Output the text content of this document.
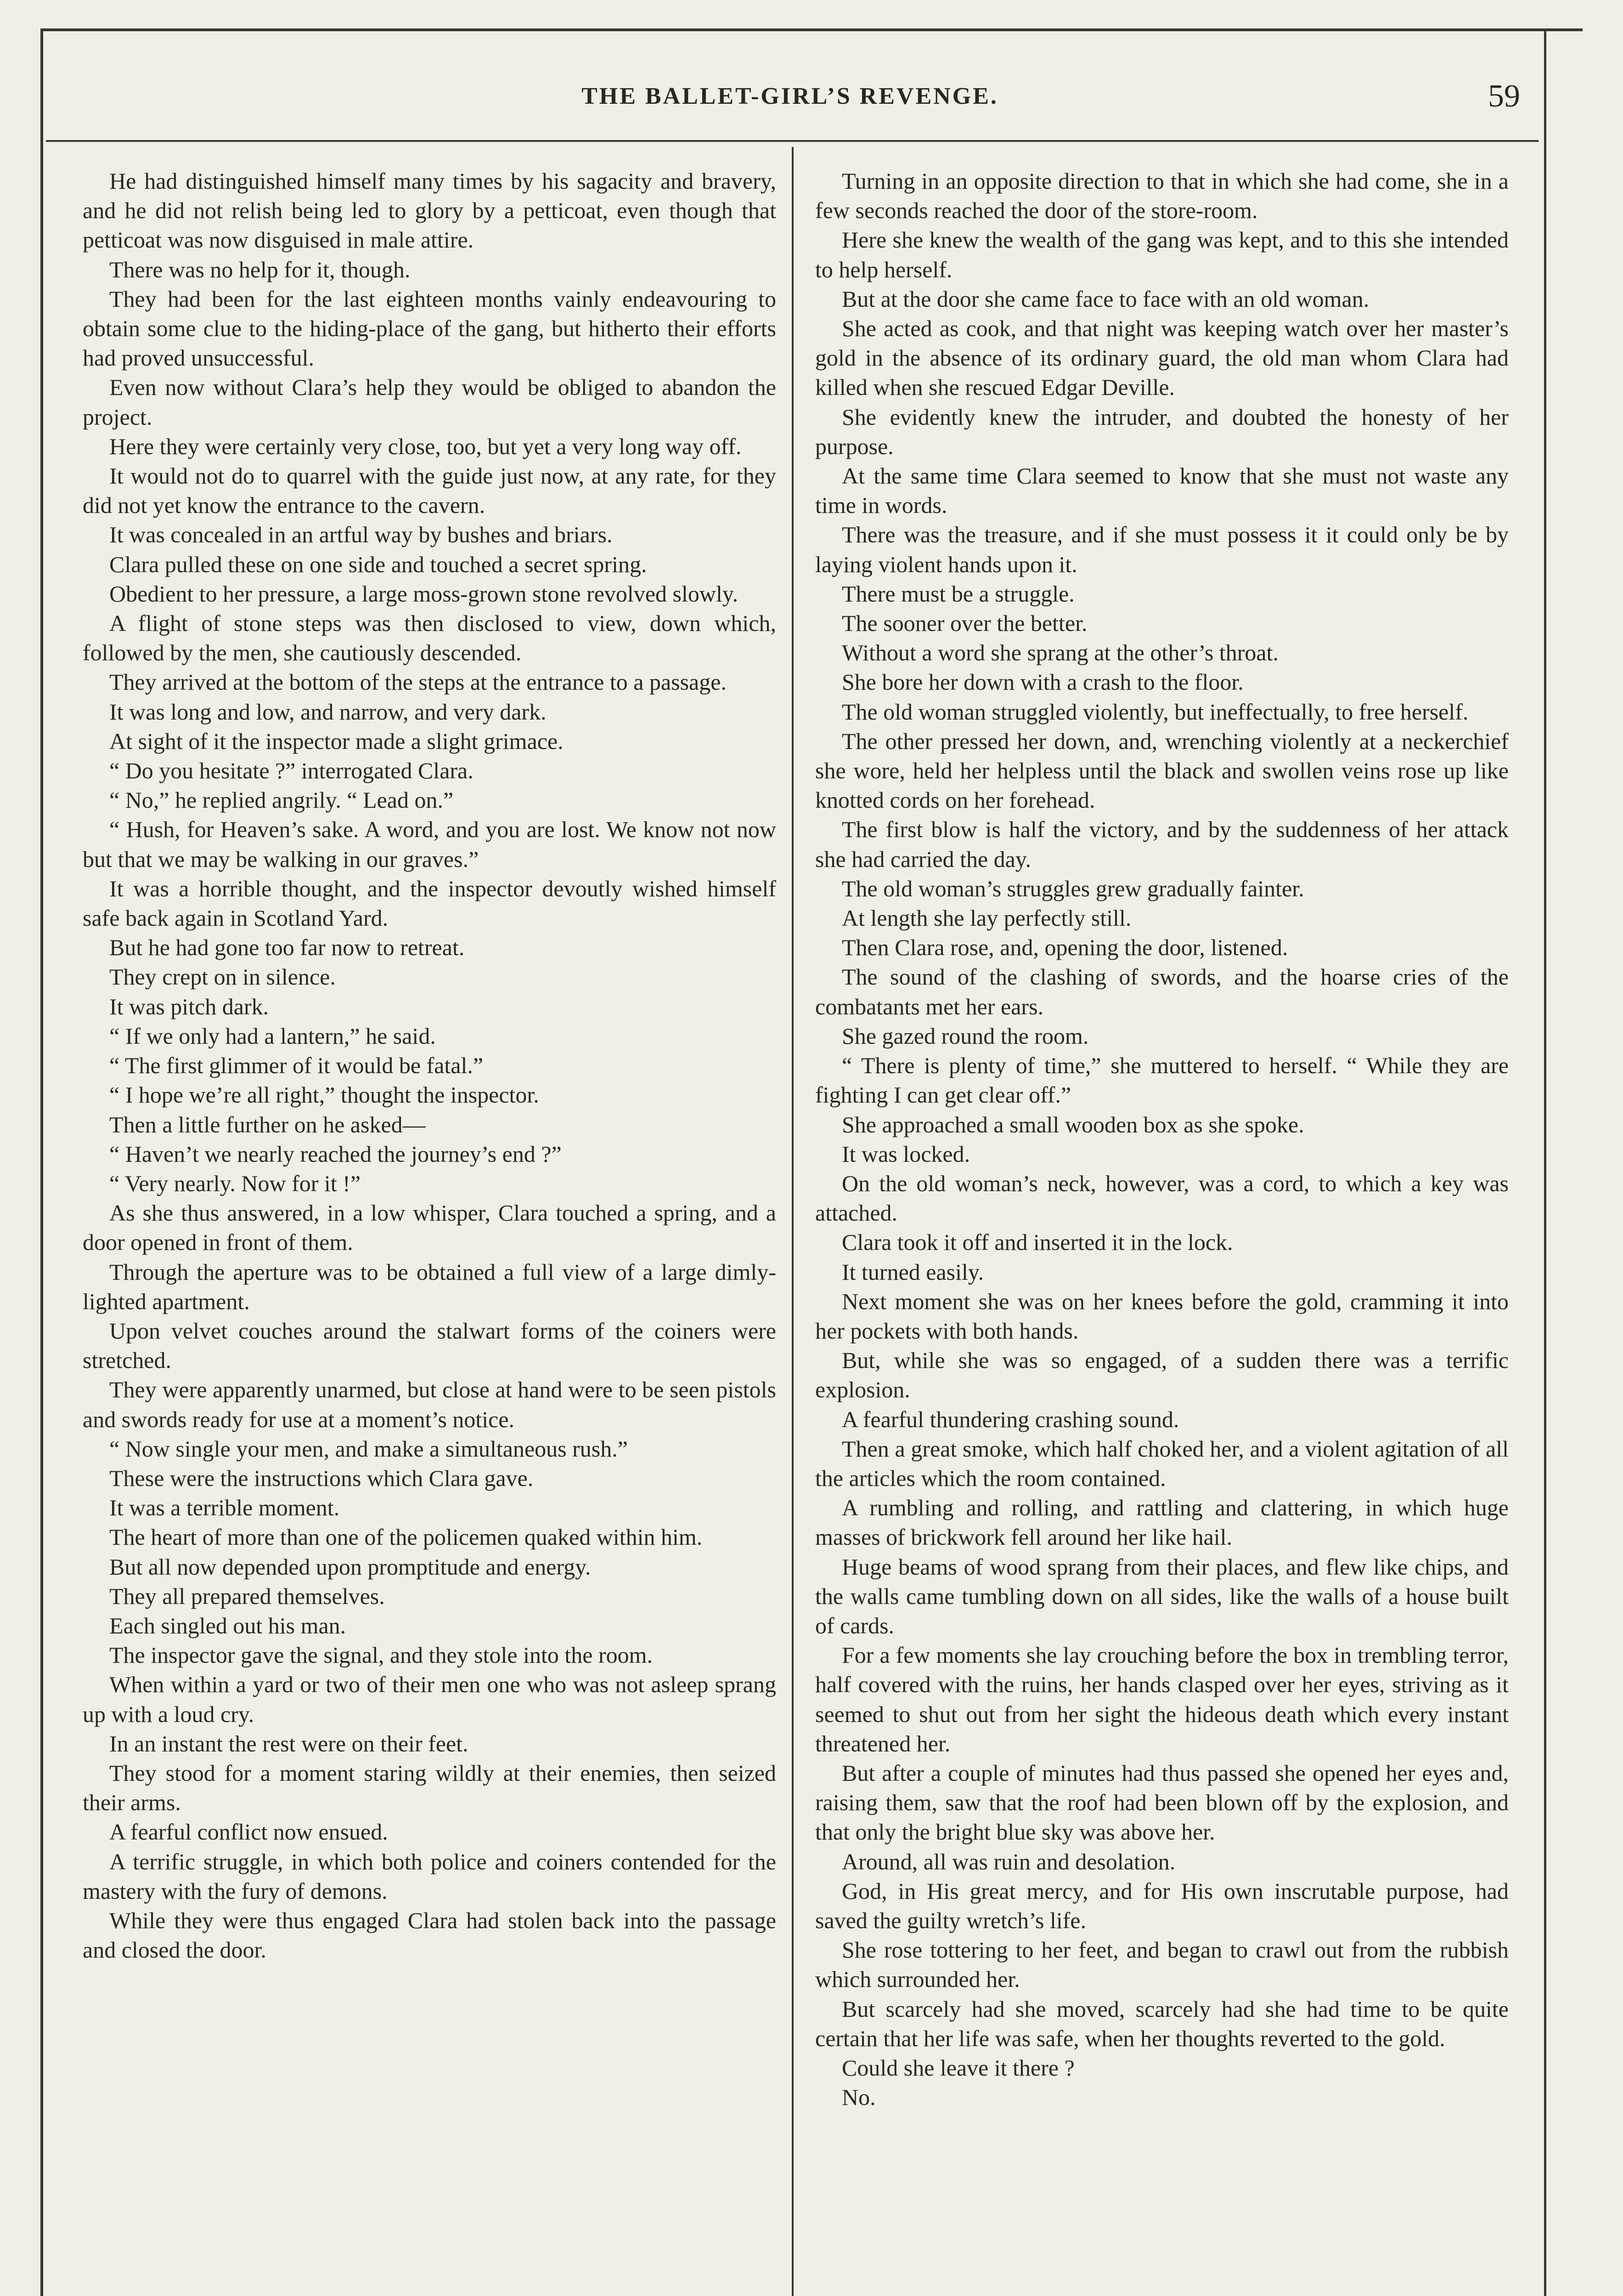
THE BALLET-GIRL’S REVENGE.	59

He had distinguished himself many times by his sagacity and bravery, and he did not relish being led to glory by a petticoat, even though that petticoat was now disguised in male attire.

There was no help for it, though.

They had been for the last eighteen months vainly endeavouring to obtain some clue to the hiding-place of the gang, but hitherto their efforts had proved unsuccessful.

Even now without Clara’s help they would be obliged to abandon the project.

Here they were certainly very close, too, but yet a very long way off.

It would not do to quarrel with the guide just now, at any rate, for they did not yet know the entrance to the cavern.

It was concealed in an artful way by bushes and briars.

Clara pulled these on one side and touched a secret spring.

Obedient to her pressure, a large moss-grown stone revolved slowly.

A flight of stone steps was then disclosed to view, down which, followed by the men, she cautiously descended.

They arrived at the bottom of the steps at the entrance to a passage.

It was long and low, and narrow, and very dark.

At sight of it the inspector made a slight grimace.

“ Do you hesitate ?” interrogated Clara.

“ No,” he replied angrily. “ Lead on.”

“ Hush, for Heaven’s sake. A word, and you are lost. We know not now but that we may be walking in our graves.”

It was a horrible thought, and the inspector devoutly wished himself safe back again in Scotland Yard.

But he had gone too far now to retreat.

They crept on in silence.

It was pitch dark.

“ If we only had a lantern,” he said.

“ The first glimmer of it would be fatal.”

“ I hope we’re all right,” thought the inspector.

Then a little further on he asked—

“ Haven’t we nearly reached the journey’s end ?”

“ Very nearly. Now for it !”

As she thus answered, in a low whisper, Clara touched a spring, and a door opened in front of them.

Through the aperture was to be obtained a full view of a large dimly-lighted apartment.

Upon velvet couches around the stalwart forms of the coiners were stretched.

They were apparently unarmed, but close at hand were to be seen pistols and swords ready for use at a moment’s notice.

“ Now single your men, and make a simultaneous rush.”

These were the instructions which Clara gave.

It was a terrible moment.

The heart of more than one of the policemen quaked within him.

But all now depended upon promptitude and energy.

They all prepared themselves.

Each singled out his man.

The inspector gave the signal, and they stole into the room.

When within a yard or two of their men one who was not asleep sprang up with a loud cry.

In an instant the rest were on their feet.

They stood for a moment staring wildly at their enemies, then seized their arms.

A fearful conflict now ensued.

A terrific struggle, in which both police and coiners contended for the mastery with the fury of demons.

While they were thus engaged Clara had stolen back into the passage and closed the door.

Turning in an opposite direction to that in which she had come, she in a few seconds reached the door of the store-room.

Here she knew the wealth of the gang was kept, and to this she intended to help herself.

But at the door she came face to face with an old woman.

She acted as cook, and that night was keeping watch over her master’s gold in the absence of its ordinary guard, the old man whom Clara had killed when she rescued Edgar Deville.

She evidently knew the intruder, and doubted the honesty of her purpose.

At the same time Clara seemed to know that she must not waste any time in words.

There was the treasure, and if she must possess it it could only be by laying violent hands upon it.

There must be a struggle.

The sooner over the better.

Without a word she sprang at the other’s throat.

She bore her down with a crash to the floor.

The old woman struggled violently, but ineffectually, to free herself.

The other pressed her down, and, wrenching violently at a neckerchief she wore, held her helpless until the black and swollen veins rose up like knotted cords on her forehead.

The first blow is half the victory, and by the suddenness of her attack she had carried the day.

The old woman’s struggles grew gradually fainter.

At length she lay perfectly still.

Then Clara rose, and, opening the door, listened.

The sound of the clashing of swords, and the hoarse cries of the combatants met her ears.

She gazed round the room.

“ There is plenty of time,” she muttered to herself. “ While they are fighting I can get clear off.”

She approached a small wooden box as she spoke.

It was locked.

On the old woman’s neck, however, was a cord, to which a key was attached.

Clara took it off and inserted it in the lock.

It turned easily.

Next moment she was on her knees before the gold, cramming it into her pockets with both hands.

But, while she was so engaged, of a sudden there was a terrific explosion.

A fearful thundering crashing sound.

Then a great smoke, which half choked her, and a violent agitation of all the articles which the room contained.

A rumbling and rolling, and rattling and clattering, in which huge masses of brickwork fell around her like hail.

Huge beams of wood sprang from their places, and flew like chips, and the walls came tumbling down on all sides, like the walls of a house built of cards.

For a few moments she lay crouching before the box in trembling terror, half covered with the ruins, her hands clasped over her eyes, striving as it seemed to shut out from her sight the hideous death which every instant threatened her.

But after a couple of minutes had thus passed she opened her eyes and, raising them, saw that the roof had been blown off by the explosion, and that only the bright blue sky was above her.

Around, all was ruin and desolation.

God, in His great mercy, and for His own inscrutable purpose, had saved the guilty wretch’s life.

She rose tottering to her feet, and began to crawl out from the rubbish which surrounded her.

But scarcely had she moved, scarcely had she had time to be quite certain that her life was safe, when her thoughts reverted to the gold.

Could she leave it there ?

No.
